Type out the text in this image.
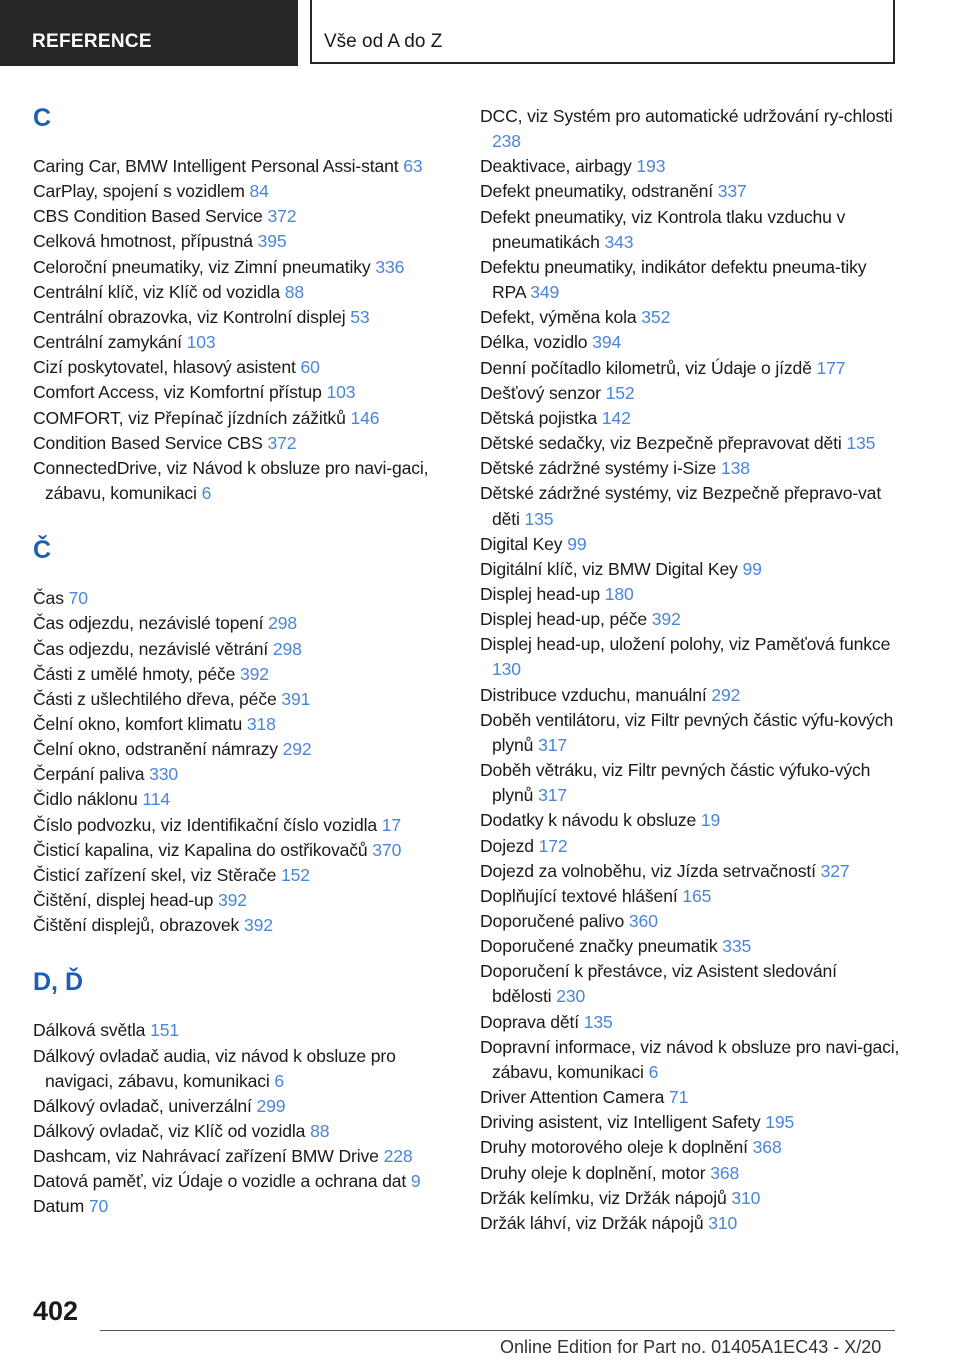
REFERENCE	Vše od A do Z
C
Caring Car, BMW Intelligent Personal Assi-stant 63
CarPlay, spojení s vozidlem 84
CBS Condition Based Service 372
Celková hmotnost, přípustná 395
Celoroční pneumatiky, viz Zimní pneumatiky 336
Centrální klíč, viz Klíč od vozidla 88
Centrální obrazovka, viz Kontrolní displej 53
Centrální zamykání 103
Cizí poskytovatel, hlasový asistent 60
Comfort Access, viz Komfortní přístup 103
COMFORT, viz Přepínač jízdních zážitků 146
Condition Based Service CBS 372
ConnectedDrive, viz Návod k obsluze pro navi-gaci, zábavu, komunikaci 6
Č
Čas 70
Čas odjezdu, nezávislé topení 298
Čas odjezdu, nezávislé větrání 298
Části z umělé hmoty, péče 392
Části z ušlechtilého dřeva, péče 391
Čelní okno, komfort klimatu 318
Čelní okno, odstranění námrazy 292
Čerpání paliva 330
Čidlo náklonu 114
Číslo podvozku, viz Identifikační číslo vozidla 17
Čisticí kapalina, viz Kapalina do ostřikovačů 370
Čisticí zařízení skel, viz Stěrače 152
Čištění, displej head-up 392
Čištění displejů, obrazovek 392
D, Ď
Dálková světla 151
Dálkový ovladač audia, viz návod k obsluze pro navigaci, zábavu, komunikaci 6
Dálkový ovladač, univerzální 299
Dálkový ovladač, viz Klíč od vozidla 88
Dashcam, viz Nahrávací zařízení BMW Drive 228
Datová paměť, viz Údaje o vozidle a ochrana dat 9
Datum 70
DCC, viz Systém pro automatické udržování ry-chlosti 238
Deaktivace, airbagy 193
Defekt pneumatiky, odstranění 337
Defekt pneumatiky, viz Kontrola tlaku vzduchu v pneumatikách 343
Defektu pneumatiky, indikátor defektu pneuma-tiky RPA 349
Defekt, výměna kola 352
Délka, vozidlo 394
Denní počítadlo kilometrů, viz Údaje o jízdě 177
Dešťový senzor 152
Dětská pojistka 142
Dětské sedačky, viz Bezpečně přepravovat děti 135
Dětské zádržné systémy i-Size 138
Dětské zádržné systémy, viz Bezpečně přepravo-vat děti 135
Digital Key 99
Digitální klíč, viz BMW Digital Key 99
Displej head-up 180
Displej head-up, péče 392
Displej head-up, uložení polohy, viz Paměťová funkce 130
Distribuce vzduchu, manuální 292
Doběh ventilátoru, viz Filtr pevných částic výfu-kových plynů 317
Doběh větráku, viz Filtr pevných částic výfuko-vých plynů 317
Dodatky k návodu k obsluze 19
Dojezd 172
Dojezd za volnoběhu, viz Jízda setrvačností 327
Doplňující textové hlášení 165
Doporučené palivo 360
Doporučené značky pneumatik 335
Doporučení k přestávce, viz Asistent sledování bdělosti 230
Doprava dětí 135
Dopravní informace, viz návod k obsluze pro navi-gaci, zábavu, komunikaci 6
Driver Attention Camera 71
Driving asistent, viz Intelligent Safety 195
Druhy motorového oleje k doplnění 368
Druhy oleje k doplnění, motor 368
Držák kelímku, viz Držák nápojů 310
Držák láhví, viz Držák nápojů 310
402
Online Edition for Part no. 01405A1EC43 - X/20
